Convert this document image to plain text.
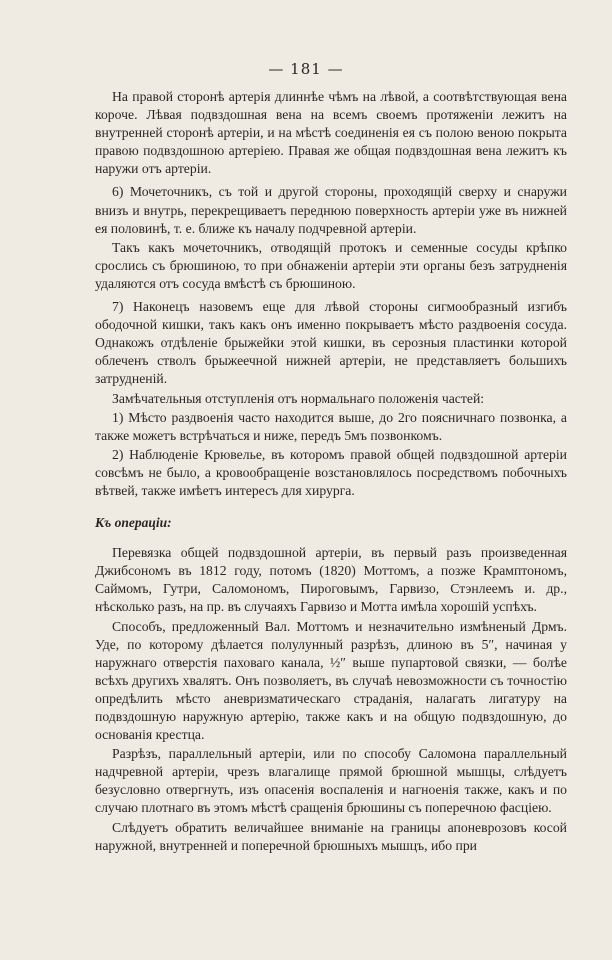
— 181 —

На правой сторонѣ артерія длиннѣе чѣмъ на лѣвой, а соотвѣтствующая вена короче. Лѣвая подвздошная вена на всемъ своемъ протяженіи лежитъ на внутренней сторонѣ артеріи, и на мѣстѣ соединенія ея съ полою веною покрыта правою подвздошною артеріею. Правая же общая подвздошная вена лежитъ къ наружи отъ артеріи.

6) Мочеточникъ, съ той и другой стороны, проходящій сверху и снаружи внизъ и внутрь, перекрещиваетъ переднюю поверхность артеріи уже въ нижней ея половинѣ, т. е. ближе къ началу подчревной артеріи.

Такъ какъ мочеточникъ, отводящій протокъ и семенные сосуды крѣпко срослись съ брюшиною, то при обнаженіи артеріи эти органы безъ затрудненія удаляются отъ сосуда вмѣстѣ съ брюшиною.

7) Наконецъ назовемъ еще для лѣвой стороны сигмообразный изгибъ ободочной кишки, такъ какъ онъ именно покрываетъ мѣсто раздвоенія сосуда. Однакожъ отдѣленіе брыжейки этой кишки, въ серозныя пластинки которой облеченъ стволъ брыжеечной нижней артеріи, не представляетъ большихъ затрудненій.

Замѣчательныя отступленія отъ нормальнаго положенія частей:

1) Мѣсто раздвоенія часто находится выше, до 2го поясничнаго позвонка, а также можетъ встрѣчаться и ниже, передъ 5мъ позвонкомъ.

2) Наблюденіе Крювелье, въ которомъ правой общей подвздошной артеріи совсѣмъ не было, а кровообращеніе возстановлялось посредствомъ побочныхъ вѣтвей, также имѣетъ интересъ для хирурга.

Къ операціи:

Перевязка общей подвздошной артеріи, въ первый разъ произведенная Джибсономъ въ 1812 году, потомъ (1820) Моттомъ, а позже Крамптономъ, Саймомъ, Гутри, Саломономъ, Пироговымъ, Гарвизо, Стэнлеемъ и. др., нѣсколько разъ, на пр. въ случаяхъ Гарвизо и Мотта имѣла хорошій успѣхъ.

Способъ, предложенный Вал. Моттомъ и незначительно измѣненый Дрмъ. Уде, по которому дѣлается полулунный разрѣзъ, длиною въ 5″, начиная у наружнаго отверстія паховаго канала, ½″ выше пупартовой связки, — болѣе всѣхъ другихъ хвалятъ. Онъ позволяетъ, въ случаѣ невозможности съ точностію опредѣлить мѣсто аневризматическаго страданія, налагать лигатуру на подвздошную наружную артерію, также какъ и на общую подвздошную, до основанія крестца.

Разрѣзъ, параллельный артеріи, или по способу Саломона параллельный надчревной артеріи, чрезъ влагалище прямой брюшной мышцы, слѣдуетъ безусловно отвергнуть, изъ опасенія воспаленія и нагноенія также, какъ и по случаю плотнаго въ этомъ мѣстѣ сращенія брюшины съ поперечною фасціею.

Слѣдуетъ обратить величайшее вниманіе на границы апоневрозовъ косой наружной, внутренней и поперечной брюшныхъ мышцъ, ибо при
